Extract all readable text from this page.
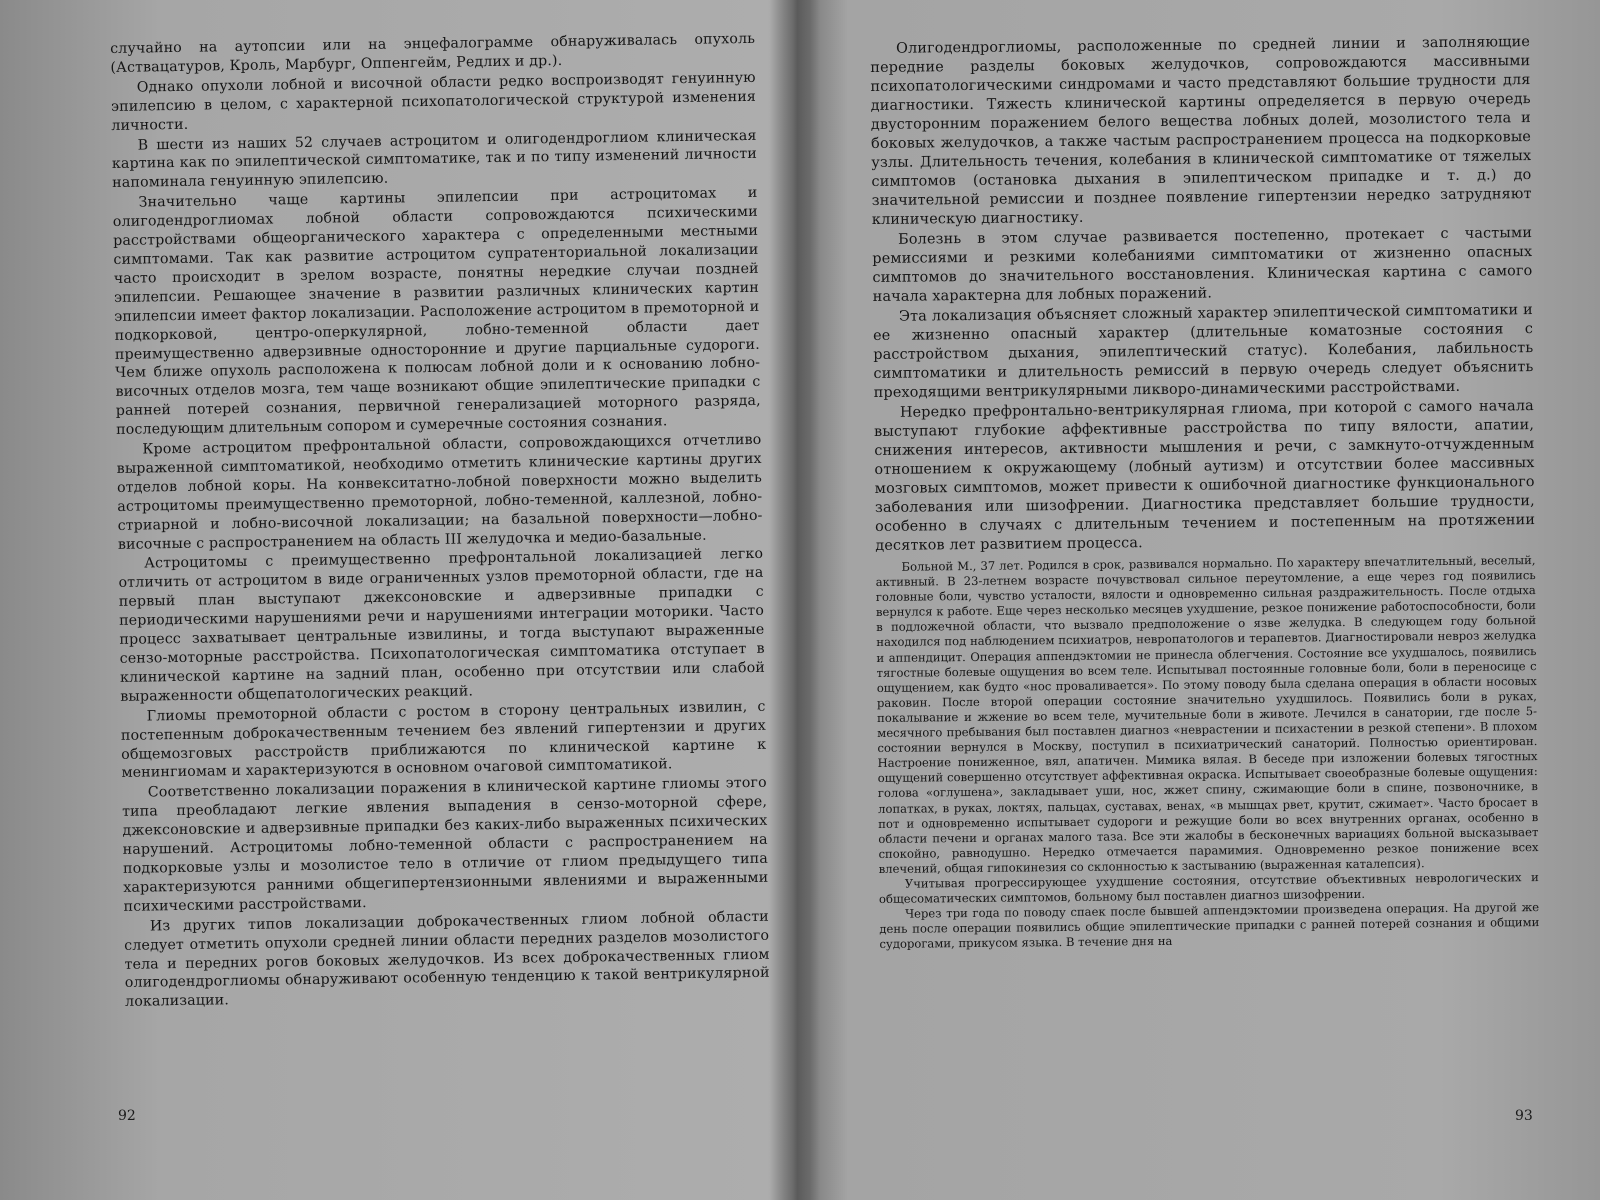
случайно на аутопсии или на энцефалограмме обнаруживалась опухоль (Аствацатуров, Кроль, Марбург, Оппенгейм, Редлих и др.).

Однако опухоли лобной и височной области редко воспроизводят генуинную эпилепсию в целом, с характерной психопатологической структурой изменения личности.

В шести из наших 52 случаев астроцитом и олигодендроглиом клиническая картина как по эпилептической симптоматике, так и по типу изменений личности напоминала генуинную эпилепсию.

Значительно чаще картины эпилепсии при астроцитомах и олигодендроглиомах лобной области сопровождаются психическими расстройствами общеорганического характера с определенными местными симптомами. Так как развитие астроцитом супратенториальной локализации часто происходит в зрелом возрасте, понятны нередкие случаи поздней эпилепсии. Решающее значение в развитии различных клинических картин эпилепсии имеет фактор локализации. Расположение астроцитом в премоторной и подкорковой, центро-оперкулярной, лобно-теменной области дает преимущественно адверзивные односторонние и другие парциальные судороги. Чем ближе опухоль расположена к полюсам лобной доли и к основанию лобно-височных отделов мозга, тем чаще возникают общие эпилептические припадки с ранней потерей сознания, первичной генерализацией моторного разряда, последующим длительным сопором и сумеречные состояния сознания.

Кроме астроцитом префронтальной области, сопровождающихся отчетливо выраженной симптоматикой, необходимо отметить клинические картины других отделов лобной коры. На конвекситатно-лобной поверхности можно выделить астроцитомы преимущественно премоторной, лобно-теменной, каллезной, лобно-стриарной и лобно-височной локализации; на базальной поверхности—лобно-височные с распространением на область III желудочка и медио-базальные.

Астроцитомы с преимущественно префронтальной локализацией легко отличить от астроцитом в виде ограниченных узлов премоторной области, где на первый план выступают джексоновские и адверзивные припадки с периодическими нарушениями речи и нарушениями интеграции моторики. Часто процесс захватывает центральные извилины, и тогда выступают выраженные сензо-моторные расстройства. Психопатологическая симптоматика отступает в клинической картине на задний план, особенно при отсутствии или слабой выраженности общепатологических реакций.

Глиомы премоторной области с ростом в сторону центральных извилин, с постепенным доброкачественным течением без явлений гипертензии и других общемозговых расстройств приближаются по клинической картине к менингиомам и характеризуются в основном очаговой симптоматикой.

Соответственно локализации поражения в клинической картине глиомы этого типа преобладают легкие явления выпадения в сензо-моторной сфере, джексоновские и адверзивные припадки без каких-либо выраженных психических нарушений. Астроцитомы лобно-теменной области с распространением на подкорковые узлы и мозолистое тело в отличие от глиом предыдущего типа характеризуются ранними общегипертензионными явлениями и выраженными психическими расстройствами.

Из других типов локализации доброкачественных глиом лобной области следует отметить опухоли средней линии области передних разделов мозолистого тела и передних рогов боковых желудочков. Из всех доброкачественных глиом олигодендроглиомы обнаруживают особенную тенденцию к такой вентрикулярной локализации.

Олигодендроглиомы, расположенные по средней линии и заполняющие передние разделы боковых желудочков, сопровождаются массивными психопатологическими синдромами и часто представляют большие трудности для диагностики. Тяжесть клинической картины определяется в первую очередь двусторонним поражением белого вещества лобных долей, мозолистого тела и боковых желудочков, а также частым распространением процесса на подкорковые узлы. Длительность течения, колебания в клинической симптоматике от тяжелых симптомов (остановка дыхания в эпилептическом припадке и т. д.) до значительной ремиссии и позднее появление гипертензии нередко затрудняют клиническую диагностику.

Болезнь в этом случае развивается постепенно, протекает с частыми ремиссиями и резкими колебаниями симптоматики от жизненно опасных симптомов до значительного восстановления. Клиническая картина с самого начала характерна для лобных поражений.

Эта локализация объясняет сложный характер эпилептической симптоматики и ее жизненно опасный характер (длительные коматозные состояния с расстройством дыхания, эпилептический статус). Колебания, лабильность симптоматики и длительность ремиссий в первую очередь следует объяснить преходящими вентрикулярными ликворо-динамическими расстройствами.

Нередко префронтально-вентрикулярная глиома, при которой с самого начала выступают глубокие аффективные расстройства по типу вялости, апатии, снижения интересов, активности мышления и речи, с замкнуто-отчужденным отношением к окружающему (лобный аутизм) и отсутствии более массивных мозговых симптомов, может привести к ошибочной диагностике функционального заболевания или шизофрении. Диагностика представляет большие трудности, особенно в случаях с длительным течением и постепенным на протяжении десятков лет развитием процесса.

Больной М., 37 лет. Родился в срок, развивался нормально. По характеру впечатлительный, веселый, активный. В 23-летнем возрасте почувствовал сильное переутомление, а еще через год появились головные боли, чувство усталости, вялости и одновременно сильная раздражительность. После отдыха вернулся к работе. Еще через несколько месяцев ухудшение, резкое понижение работоспособности, боли в подложечной области, что вызвало предположение о язве желудка. В следующем году больной находился под наблюдением психиатров, невропатологов и терапевтов. Диагностировали невроз желудка и аппендицит. Операция аппендэктомии не принесла облегчения. Состояние все ухудшалось, появились тягостные болевые ощущения во всем теле. Испытывал постоянные головные боли, боли в переносице с ощущением, как будто «нос проваливается». По этому поводу была сделана операция в области носовых раковин. После второй операции состояние значительно ухудшилось. Появились боли в руках, покалывание и жжение во всем теле, мучительные боли в животе. Лечился в санатории, где после 5-месячного пребывания был поставлен диагноз «неврастении и психастении в резкой степени». В плохом состоянии вернулся в Москву, поступил в психиатрический санаторий. Полностью ориентирован. Настроение пониженное, вял, апатичен. Мимика вялая. В беседе при изложении болевых тягостных ощущений совершенно отсутствует аффективная окраска. Испытывает своеобразные болевые ощущения: голова «оглушена», закладывает уши, нос, жжет спину, сжимающие боли в спине, позвоночнике, в лопатках, в руках, локтях, пальцах, суставах, венах, «в мышцах рвет, крутит, сжимает». Часто бросает в пот и одновременно испытывает судороги и режущие боли во всех внутренних органах, особенно в области печени и органах малого таза. Все эти жалобы в бесконечных вариациях больной высказывает спокойно, равнодушно. Нередко отмечается парамимия. Одновременно резкое понижение всех влечений, общая гипокинезия со склонностью к застыванию (выраженная каталепсия).

Учитывая прогрессирующее ухудшение состояния, отсутствие объективных неврологических и общесоматических симптомов, больному был поставлен диагноз шизофрении.

Через три года по поводу спаек после бывшей аппендэктомии произведена операция. На другой же день после операции появились общие эпилептические припадки с ранней потерей сознания и общими судорогами, прикусом языка. В течение дня на

92	93
